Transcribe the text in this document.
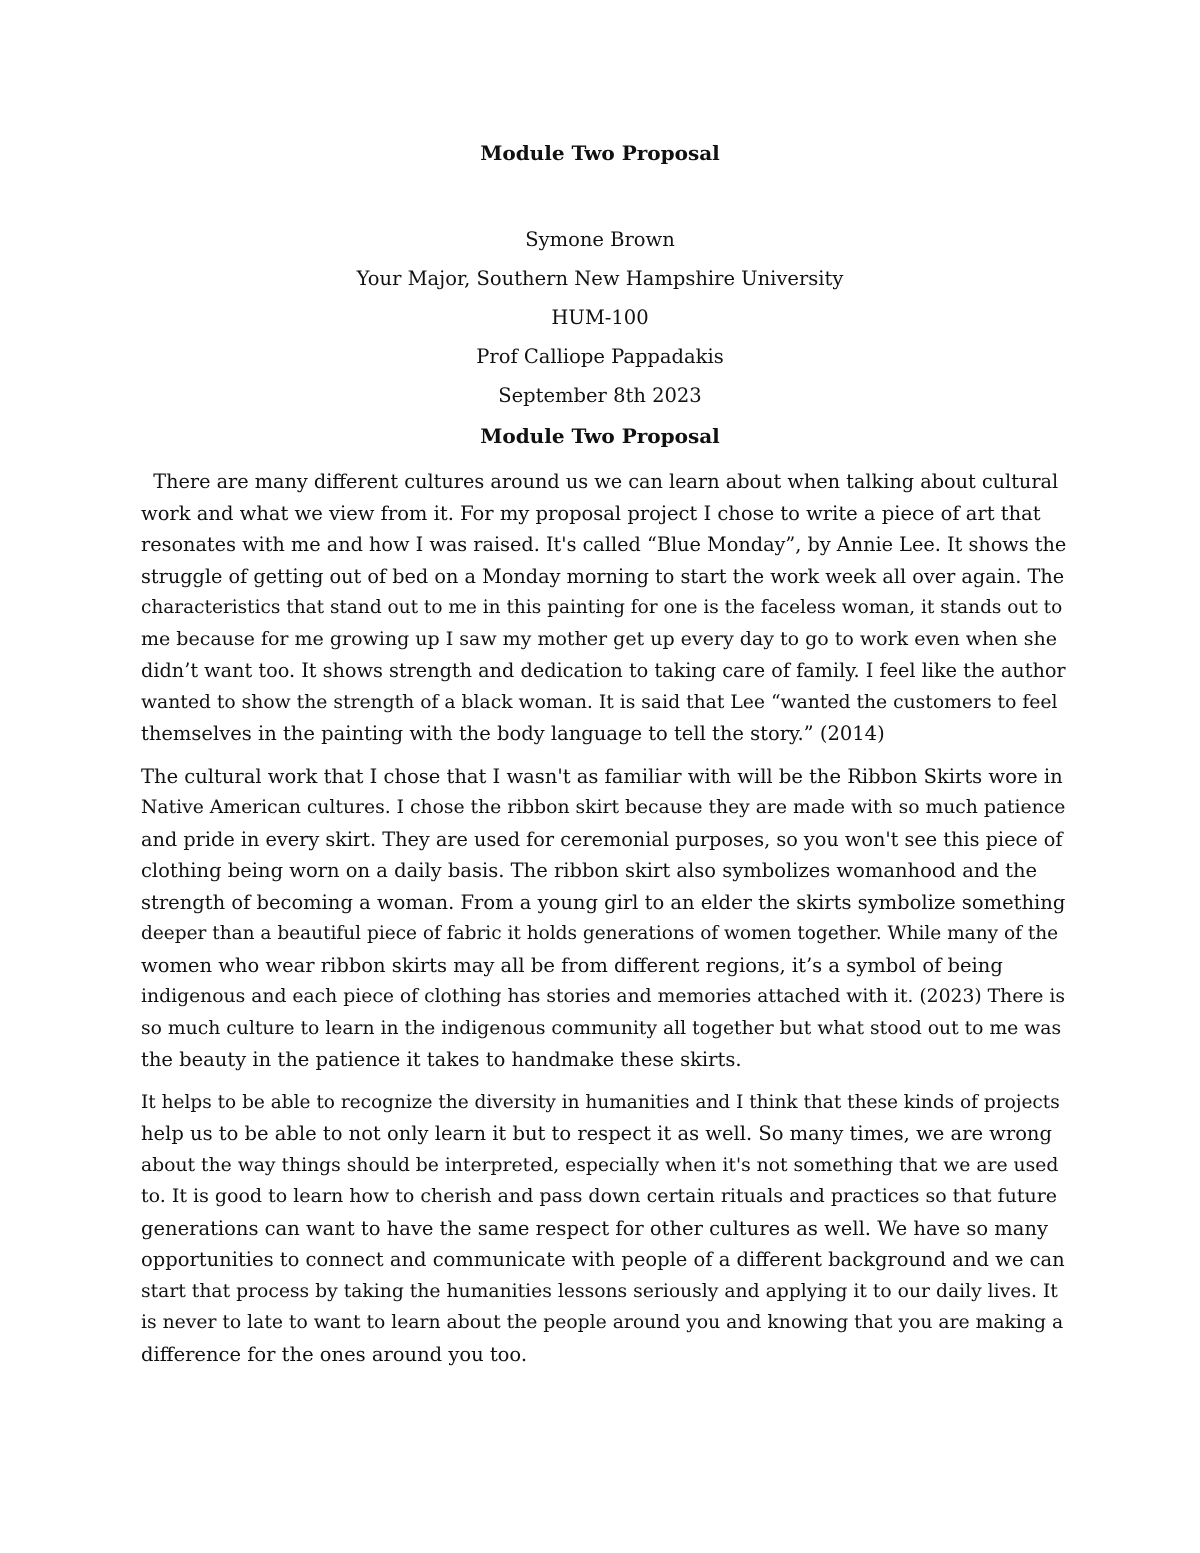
Module Two Proposal
Symone Brown
Your Major, Southern New Hampshire University
HUM-100
Prof Calliope Pappadakis
September 8th 2023
Module Two Proposal
There are many different cultures around us we can learn about when talking about cultural
work and what we view from it. For my proposal project I chose to write a piece of art that
resonates with me and how I was raised. It's called “Blue Monday”, by Annie Lee. It shows the
struggle of getting out of bed on a Monday morning to start the work week all over again. The
characteristics that stand out to me in this painting for one is the faceless woman, it stands out to
me because for me growing up I saw my mother get up every day to go to work even when she
didn’t want too. It shows strength and dedication to taking care of family. I feel like the author
wanted to show the strength of a black woman. It is said that Lee “wanted the customers to feel
themselves in the painting with the body language to tell the story.” (2014)
The cultural work that I chose that I wasn't as familiar with will be the Ribbon Skirts wore in
Native American cultures. I chose the ribbon skirt because they are made with so much patience
and pride in every skirt. They are used for ceremonial purposes, so you won't see this piece of
clothing being worn on a daily basis. The ribbon skirt also symbolizes womanhood and the
strength of becoming a woman. From a young girl to an elder the skirts symbolize something
deeper than a beautiful piece of fabric it holds generations of women together. While many of the
women who wear ribbon skirts may all be from different regions, it’s a symbol of being
indigenous and each piece of clothing has stories and memories attached with it. (2023) There is
so much culture to learn in the indigenous community all together but what stood out to me was
the beauty in the patience it takes to handmake these skirts.
It helps to be able to recognize the diversity in humanities and I think that these kinds of projects
help us to be able to not only learn it but to respect it as well. So many times, we are wrong
about the way things should be interpreted, especially when it's not something that we are used
to. It is good to learn how to cherish and pass down certain rituals and practices so that future
generations can want to have the same respect for other cultures as well. We have so many
opportunities to connect and communicate with people of a different background and we can
start that process by taking the humanities lessons seriously and applying it to our daily lives. It
is never to late to want to learn about the people around you and knowing that you are making a
difference for the ones around you too.
